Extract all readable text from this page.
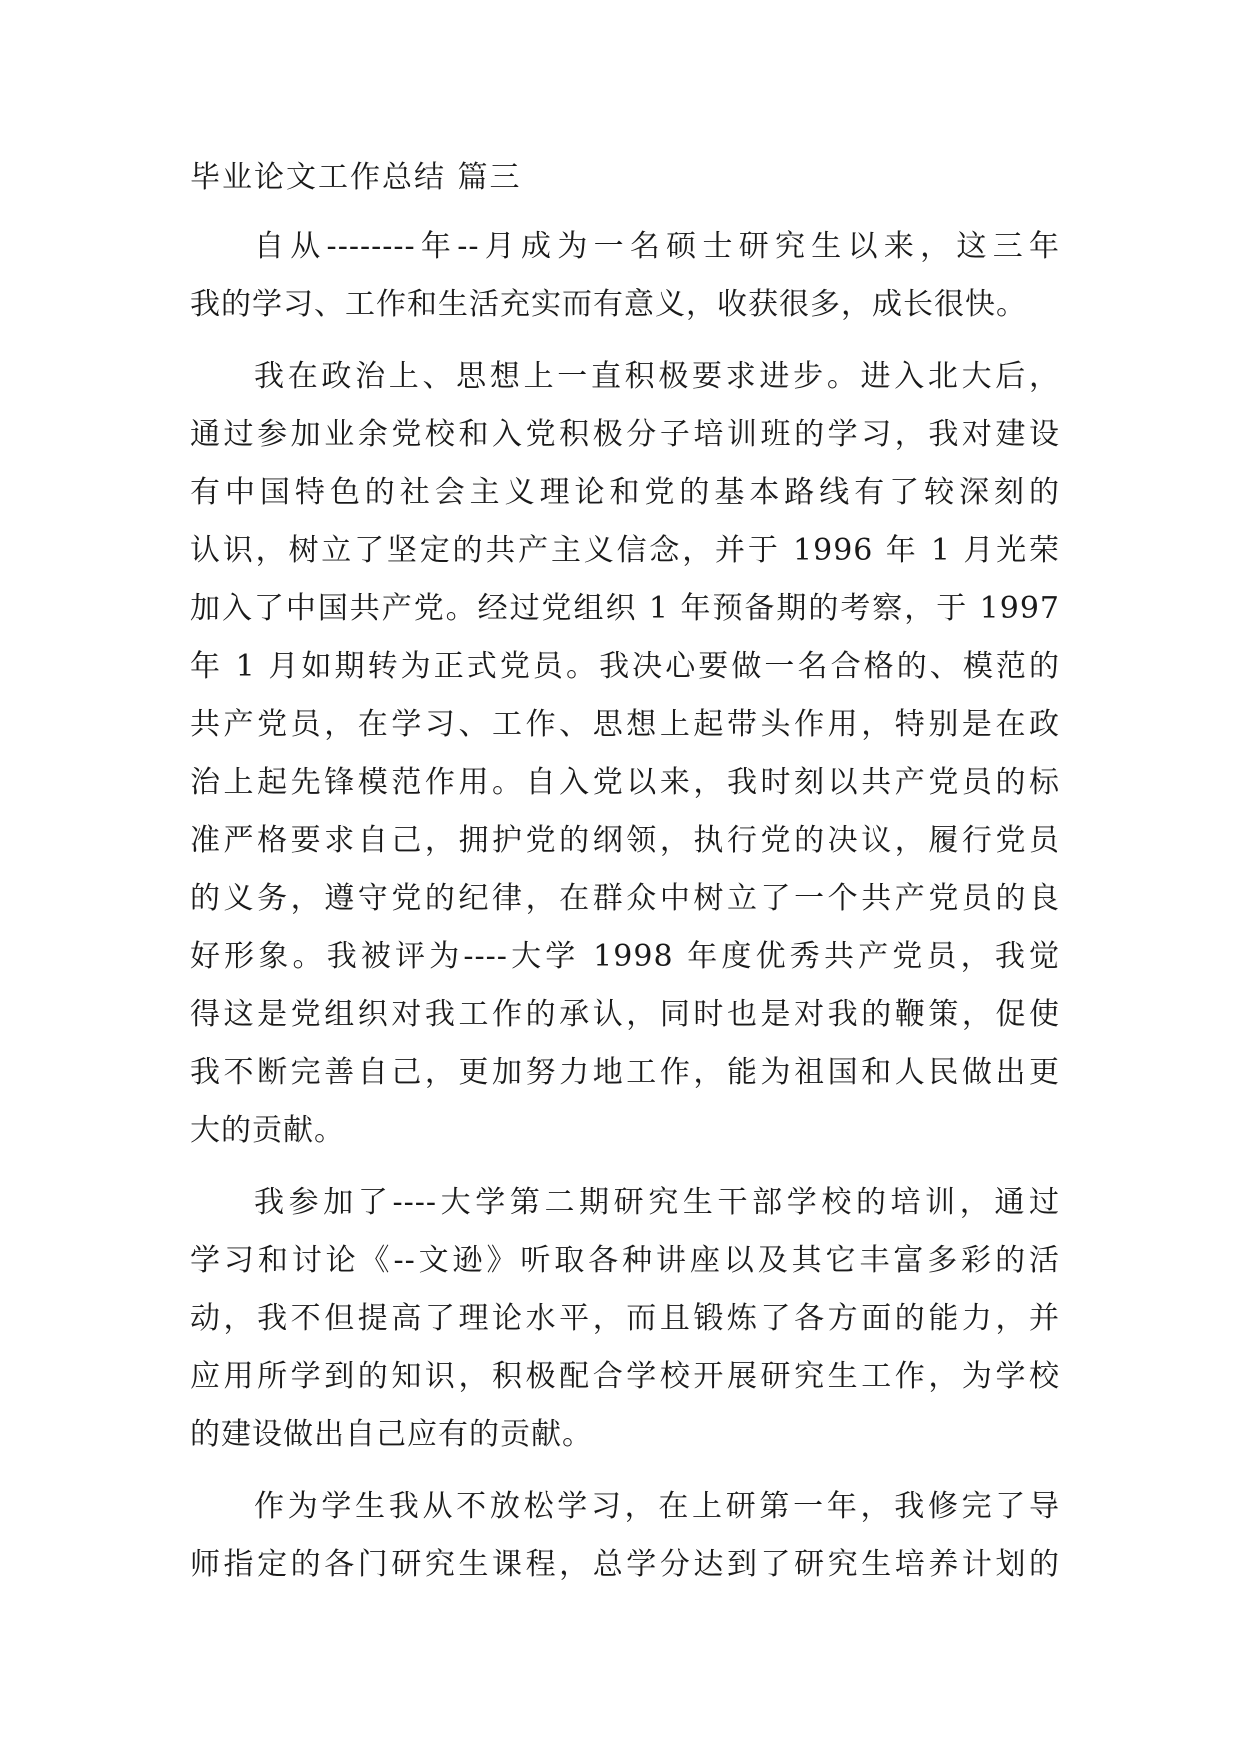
毕业论文工作总结 篇三
自从--------年--月成为一名硕士研究生以来，这三年
我的学习、工作和生活充实而有意义，收获很多，成长很快。
我在政治上、思想上一直积极要求进步。进入北大后，
通过参加业余党校和入党积极分子培训班的学习，我对建设
有中国特色的社会主义理论和党的基本路线有了较深刻的
认识，树立了坚定的共产主义信念，并于 1996 年 1 月光荣
加入了中国共产党。经过党组织 1 年预备期的考察，于 1997
年 1 月如期转为正式党员。我决心要做一名合格的、模范的
共产党员，在学习、工作、思想上起带头作用，特别是在政
治上起先锋模范作用。自入党以来，我时刻以共产党员的标
准严格要求自己，拥护党的纲领，执行党的决议，履行党员
的义务，遵守党的纪律，在群众中树立了一个共产党员的良
好形象。我被评为----大学 1998 年度优秀共产党员，我觉
得这是党组织对我工作的承认，同时也是对我的鞭策，促使
我不断完善自己，更加努力地工作，能为祖国和人民做出更
大的贡献。
我参加了----大学第二期研究生干部学校的培训，通过
学习和讨论《--文逊》听取各种讲座以及其它丰富多彩的活
动，我不但提高了理论水平，而且锻炼了各方面的能力，并
应用所学到的知识，积极配合学校开展研究生工作，为学校
的建设做出自己应有的贡献。
作为学生我从不放松学习，在上研第一年，我修完了导
师指定的各门研究生课程，总学分达到了研究生培养计划的
